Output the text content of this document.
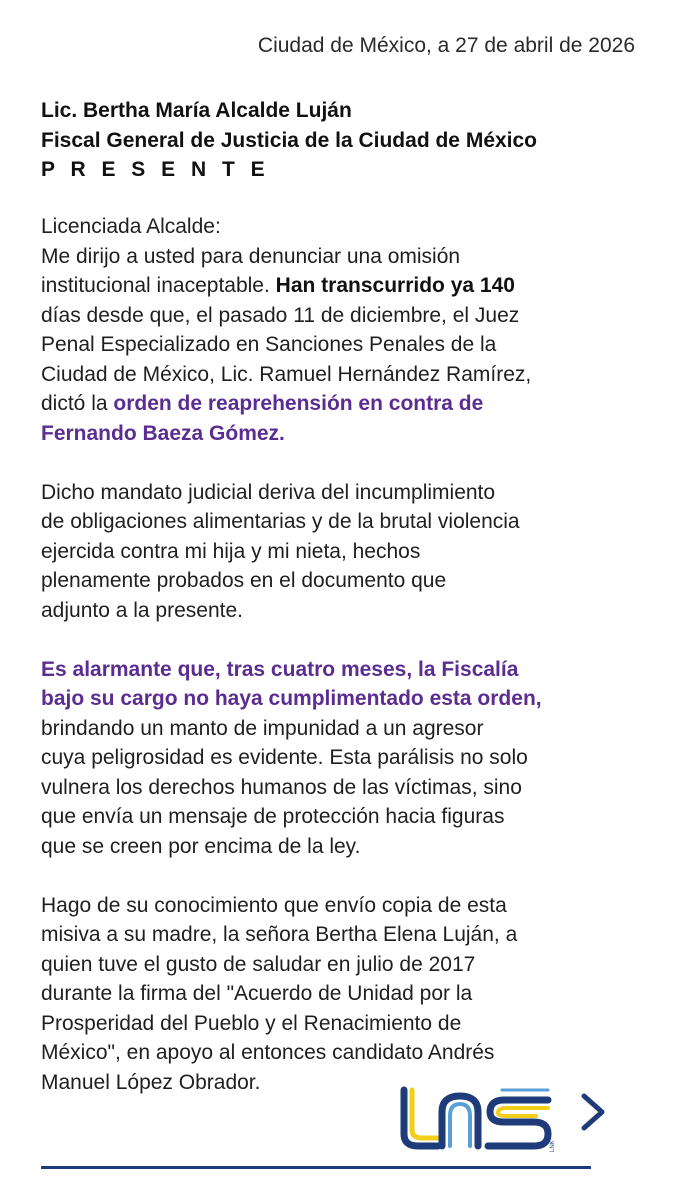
Ciudad de México, a 27 de abril de 2026
Lic. Bertha María Alcalde Luján
Fiscal General de Justicia de la Ciudad de México
P R E S E N T E

Licenciada Alcalde:

Me dirijo a usted para denunciar una omisión
institucional inaceptable. Han transcurrido ya 140
días desde que, el pasado 11 de diciembre, el Juez
Penal Especializado en Sanciones Penales de la
Ciudad de México, Lic. Ramuel Hernández Ramírez,
dictó la orden de reaprehensión en contra de
Fernando Baeza Gómez.

Dicho mandato judicial deriva del incumplimiento
de obligaciones alimentarias y de la brutal violencia
ejercida contra mi hija y mi nieta, hechos
plenamente probados en el documento que
adjunto a la presente.

Es alarmante que, tras cuatro meses, la Fiscalía
bajo su cargo no haya cumplimentado esta orden,
brindando un manto de impunidad a un agresor
cuya peligrosidad es evidente. Esta parálisis no solo
vulnera los derechos humanos de las víctimas, sino
que envía un mensaje de protección hacia figuras
que se creen por encima de la ley.

Hago de su conocimiento que envío copia de esta
misiva a su madre, la señora Bertha Elena Luján, a
quien tuve el gusto de saludar en julio de 2017
durante la firma del "Acuerdo de Unidad por la
Prosperidad del Pueblo y el Renacimiento de
México", en apoyo al entonces candidato Andrés
Manuel López Obrador.

LNK
